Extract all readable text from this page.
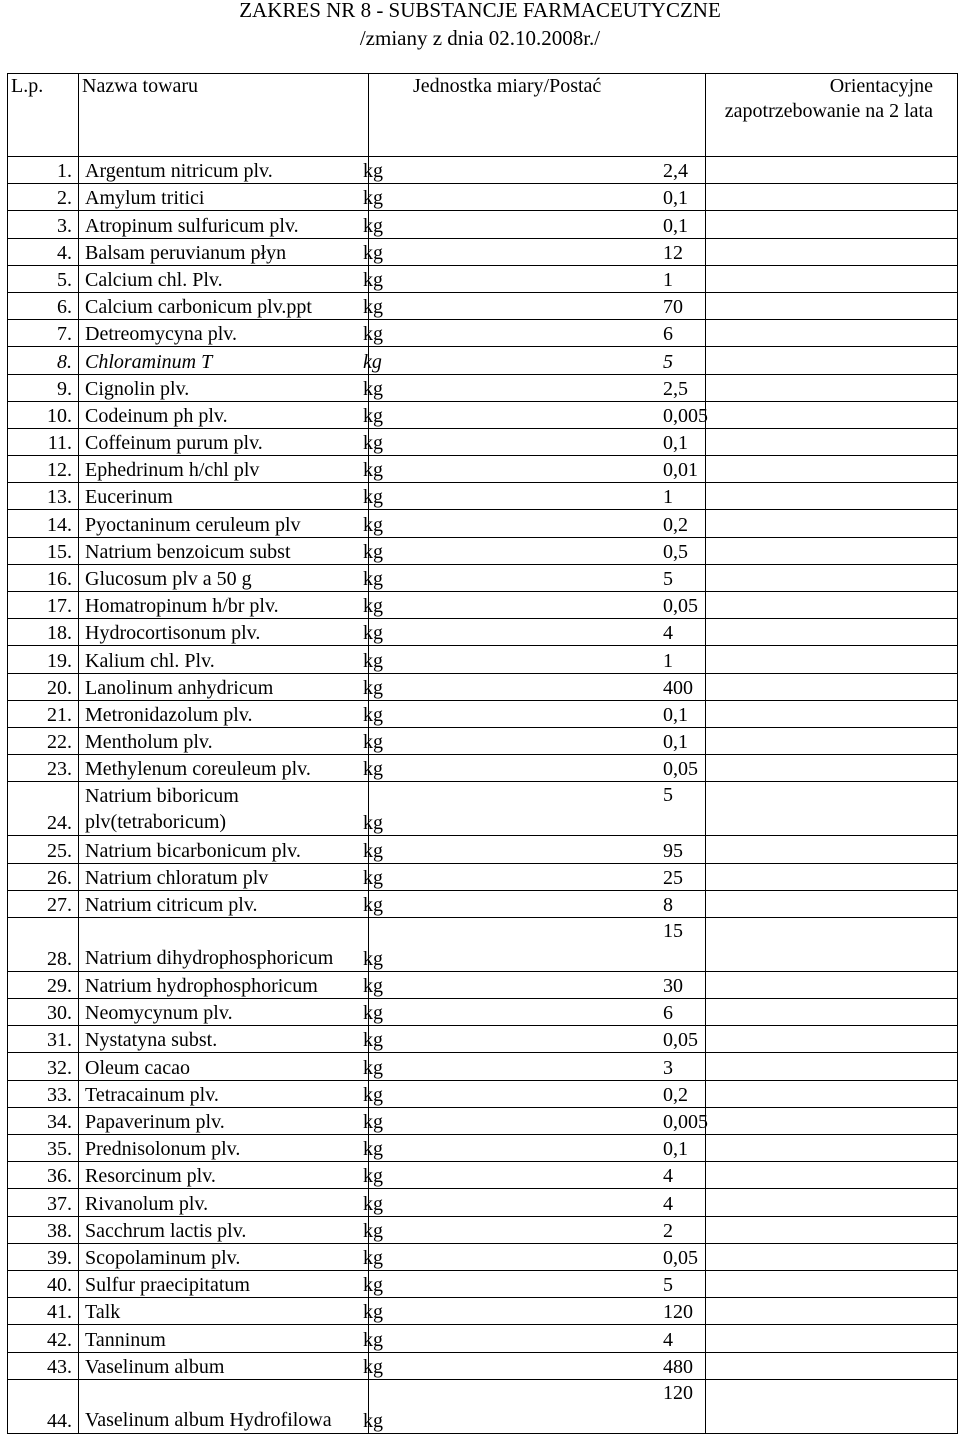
ZAKRES NR 8 - SUBSTANCJE FARMACEUTYCZNE
/zmiany z dnia 02.10.2008r./
L.p.	Nazwa towaru	Jednostka miary/Postać	Orientacyjne zapotrzebowanie na 2 lata
1.	Argentum nitricum plv.	kg	2,4
2.	Amylum tritici	kg	0,1
3.	Atropinum sulfuricum plv.	kg	0,1
4.	Balsam peruvianum płyn	kg	12
5.	Calcium chl. Plv.	kg	1
6.	Calcium carbonicum plv.ppt	kg	70
7.	Detreomycyna plv.	kg	6
8.	Chloraminum T	kg	5
9.	Cignolin plv.	kg	2,5
10.	Codeinum ph plv.	kg	0,005
11.	Coffeinum purum plv.	kg	0,1
12.	Ephedrinum h/chl plv	kg	0,01
13.	Eucerinum	kg	1
14.	Pyoctaninum ceruleum plv	kg	0,2
15.	Natrium benzoicum subst	kg	0,5
16.	Glucosum plv a 50 g	kg	5
17.	Homatropinum h/br plv.	kg	0,05
18.	Hydrocortisonum plv.	kg	4
19.	Kalium chl. Plv.	kg	1
20.	Lanolinum anhydricum	kg	400
21.	Metronidazolum plv.	kg	0,1
22.	Mentholum plv.	kg	0,1
23.	Methylenum coreuleum plv.	kg	0,05
24.	Natrium biboricum plv(tetraboricum)	kg	5
25.	Natrium bicarbonicum plv.	kg	95
26.	Natrium chloratum plv	kg	25
27.	Natrium citricum plv.	kg	8
28.	Natrium dihydrophosphoricum	kg	15
29.	Natrium hydrophosphoricum	kg	30
30.	Neomycynum plv.	kg	6
31.	Nystatyna subst.	kg	0,05
32.	Oleum cacao	kg	3
33.	Tetracainum plv.	kg	0,2
34.	Papaverinum plv.	kg	0,005
35.	Prednisolonum plv.	kg	0,1
36.	Resorcinum plv.	kg	4
37.	Rivanolum plv.	kg	4
38.	Sacchrum lactis plv.	kg	2
39.	Scopolaminum plv.	kg	0,05
40.	Sulfur praecipitatum	kg	5
41.	Talk	kg	120
42.	Tanninum	kg	4
43.	Vaselinum album	kg	480
44.	Vaselinum album Hydrofilowa	kg	120
